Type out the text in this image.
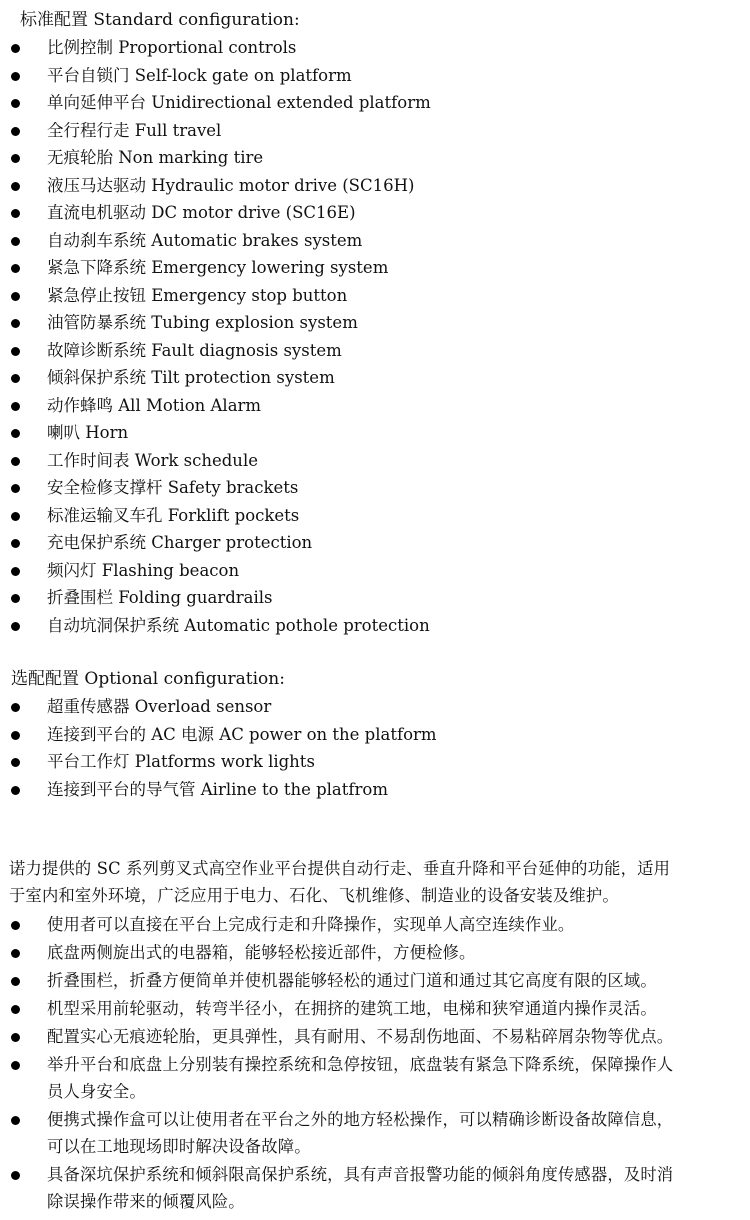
标准配置 Standard configuration:
比例控制 Proportional controls
平台自锁门 Self-lock gate on platform
单向延伸平台 Unidirectional extended platform
全行程行走 Full travel
无痕轮胎 Non marking tire
液压马达驱动 Hydraulic motor drive (SC16H)
直流电机驱动 DC motor drive (SC16E)
自动刹车系统 Automatic brakes system
紧急下降系统 Emergency lowering system
紧急停止按钮 Emergency stop button
油管防暴系统 Tubing explosion system
故障诊断系统 Fault diagnosis system
倾斜保护系统 Tilt protection system
动作蜂鸣 All Motion Alarm
喇叭 Horn
工作时间表 Work schedule
安全检修支撑杆 Safety brackets
标准运输叉车孔 Forklift pockets
充电保护系统 Charger protection
频闪灯 Flashing beacon
折叠围栏 Folding guardrails
自动坑洞保护系统 Automatic pothole protection
选配配置 Optional configuration:
超重传感器 Overload sensor
连接到平台的 AC 电源 AC power on the platform
平台工作灯 Platforms work lights
连接到平台的导气管 Airline to the platfrom

诺力提供的 SC 系列剪叉式高空作业平台提供自动行走、垂直升降和平台延伸的功能，适用

于室内和室外环境，广泛应用于电力、石化、飞机维修、制造业的设备安装及维护。

使用者可以直接在平台上完成行走和升降操作，实现单人高空连续作业。
底盘两侧旋出式的电器箱，能够轻松接近部件，方便检修。
折叠围栏，折叠方便简单并使机器能够轻松的通过门道和通过其它高度有限的区域。
机型采用前轮驱动，转弯半径小，在拥挤的建筑工地，电梯和狭窄通道内操作灵活。
配置实心无痕迹轮胎，更具弹性，具有耐用、不易刮伤地面、不易粘碎屑杂物等优点。
举升平台和底盘上分别装有操控系统和急停按钮，底盘装有紧急下降系统，保障操作人
员人身安全。
便携式操作盒可以让使用者在平台之外的地方轻松操作，可以精确诊断设备故障信息，
可以在工地现场即时解决设备故障。
具备深坑保护系统和倾斜限高保护系统，具有声音报警功能的倾斜角度传感器，及时消
除误操作带来的倾覆风险。
